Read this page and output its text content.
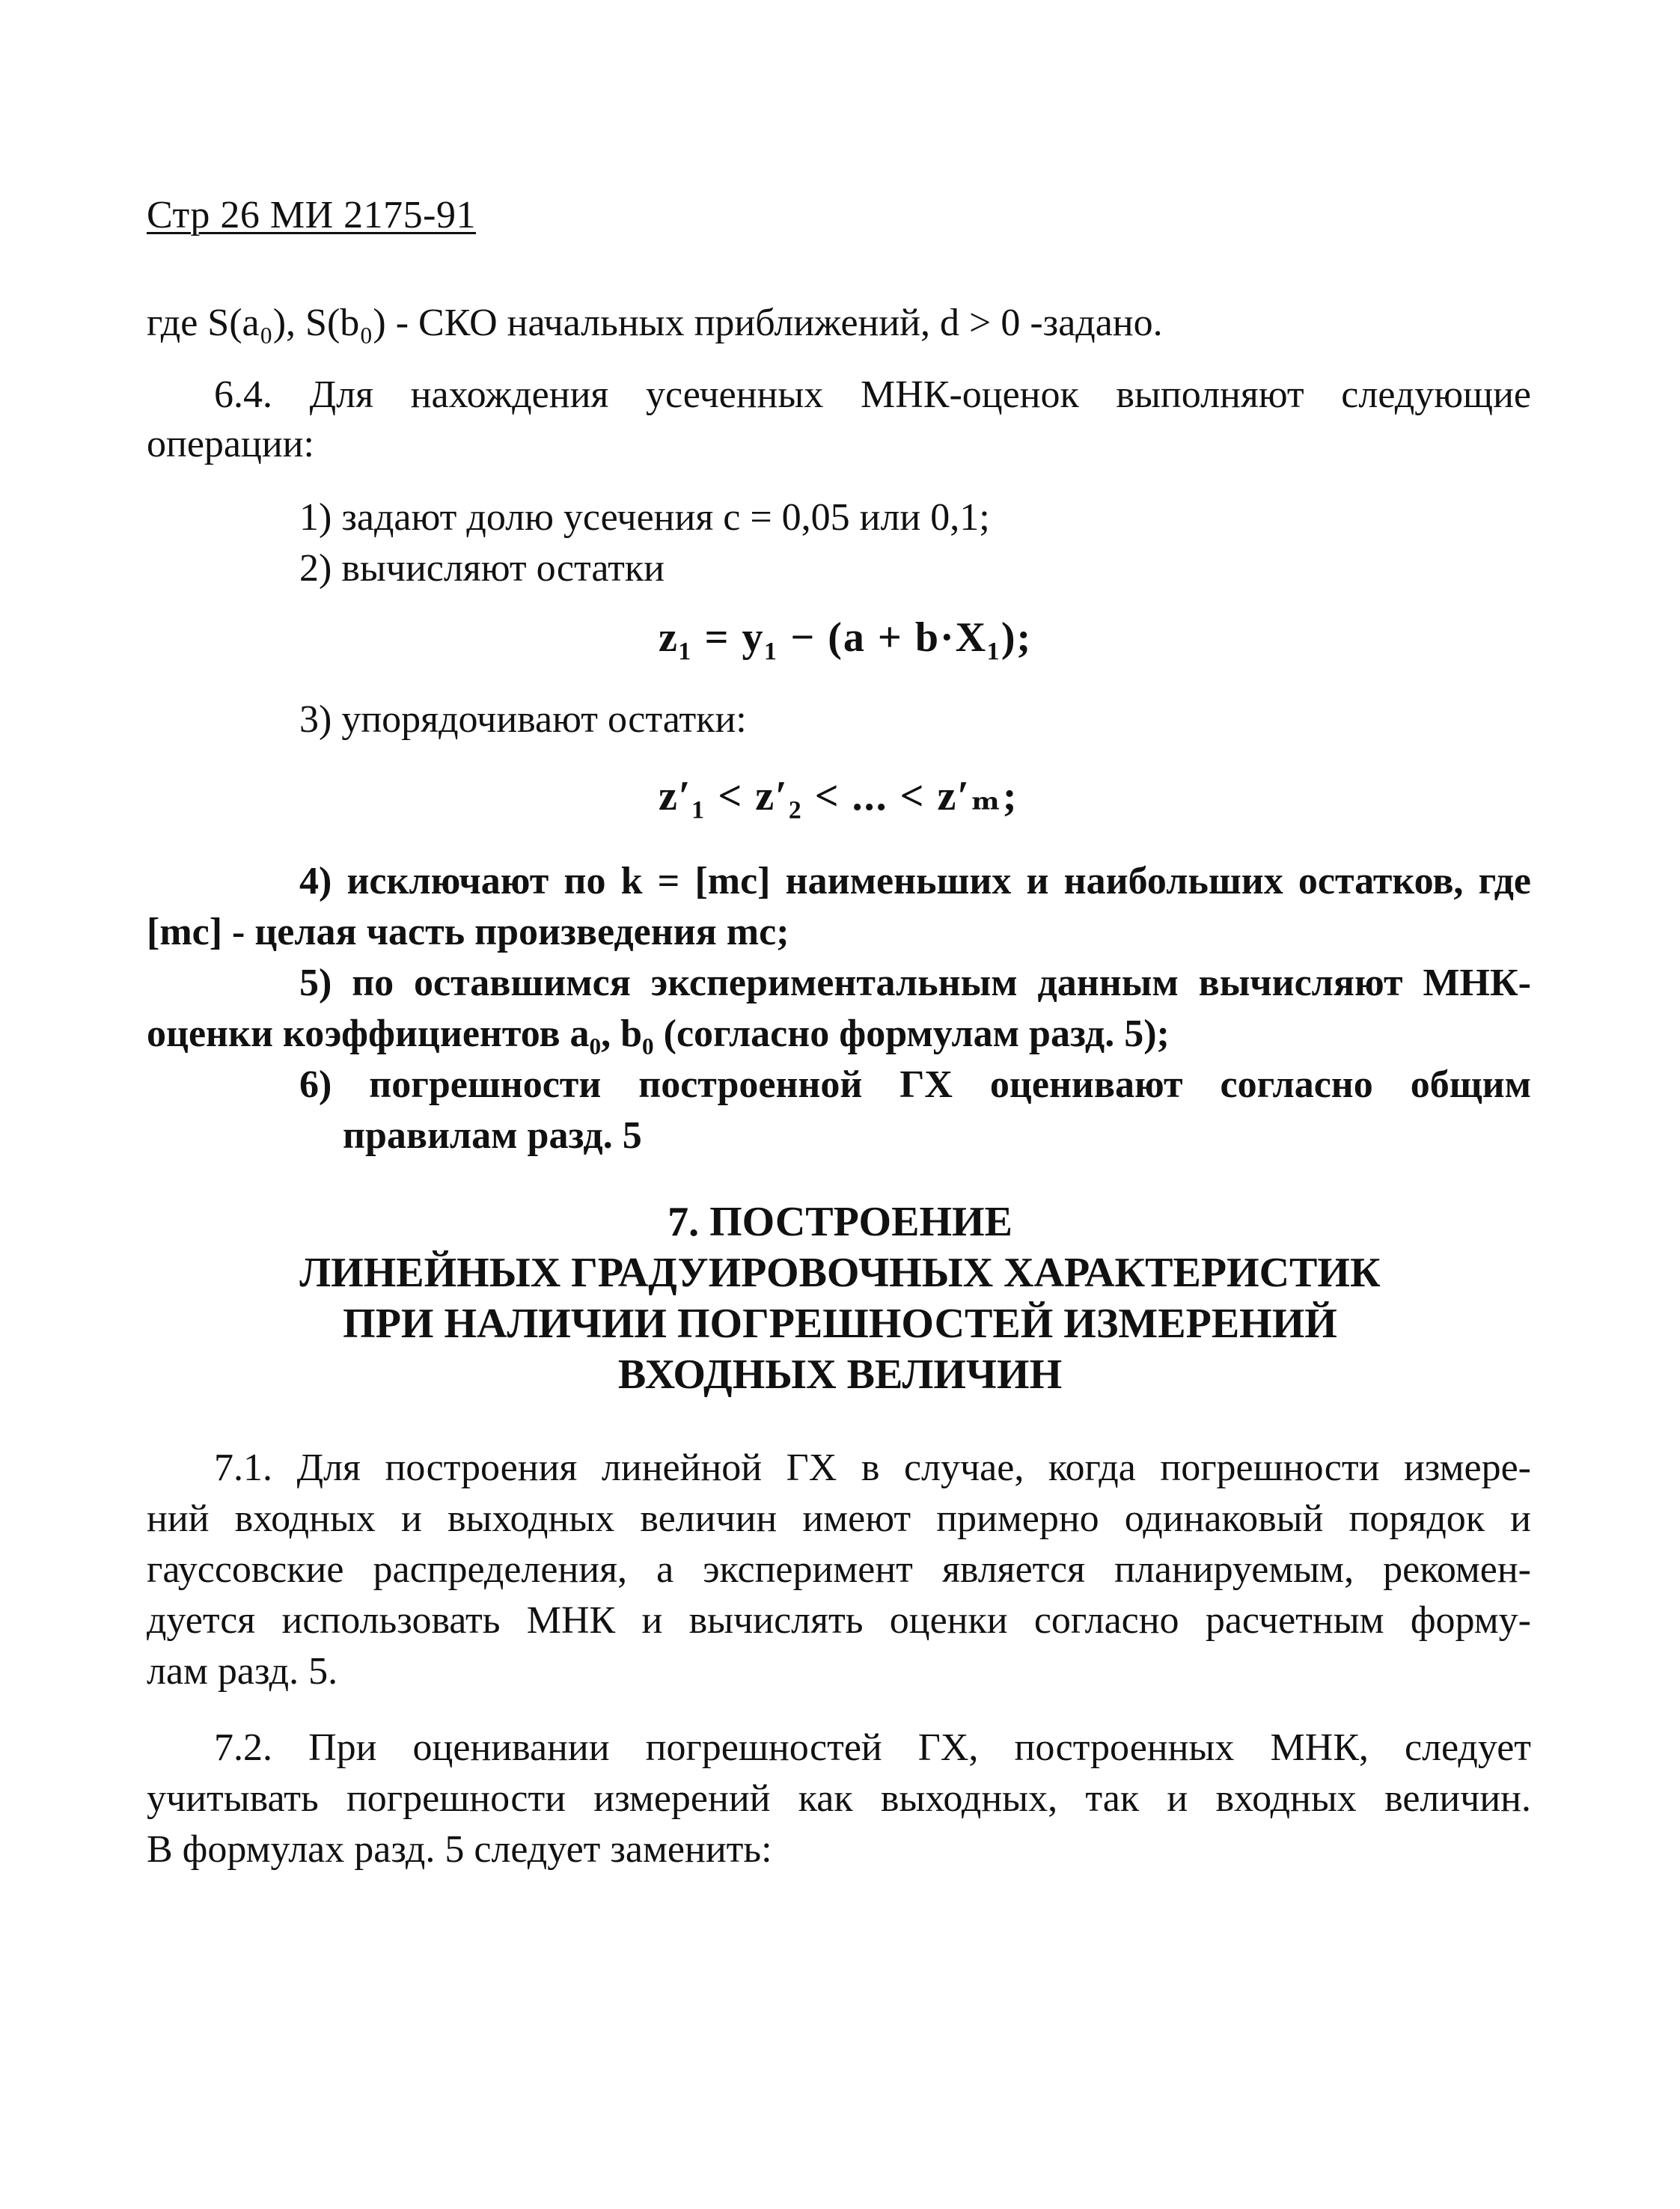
Стр 26 МИ 2175-91
где S(a₀), S(b₀) - СКО начальных приближений, d > 0 -задано.
6.4. Для нахождения усеченных МНК-оценок выполняют следующие
операции:
1) задают долю усечения c = 0,05 или 0,1;
2) вычисляют остатки
z₁ = y₁ − (a + b·X₁);
3) упорядочивают остатки:
z′₁ < z′₂ < ... < z′ₘ;
4) исключают по k = [mc] наименьших и наибольших остатков, где
[mc] - целая часть произведения mc;
5) по оставшимся экспериментальным данным вычисляют МНК-
оценки коэффициентов a₀, b₀ (согласно формулам разд. 5);
6) погрешности построенной ГХ оценивают согласно общим
правилам разд. 5
7. ПОСТРОЕНИЕ
ЛИНЕЙНЫХ ГРАДУИРОВОЧНЫХ ХАРАКТЕРИСТИК
ПРИ НАЛИЧИИ ПОГРЕШНОСТЕЙ ИЗМЕРЕНИЙ
ВХОДНЫХ ВЕЛИЧИН
7.1. Для построения линейной ГХ в случае, когда погрешности измере-
ний входных и выходных величин имеют примерно одинаковый порядок и
гауссовские распределения, а эксперимент является планируемым, рекомен-
дуется использовать МНК и вычислять оценки согласно расчетным форму-
лам разд. 5.
7.2. При оценивании погрешностей ГХ, построенных МНК, следует
учитывать погрешности измерений как выходных, так и входных величин.
В формулах разд. 5 следует заменить:
